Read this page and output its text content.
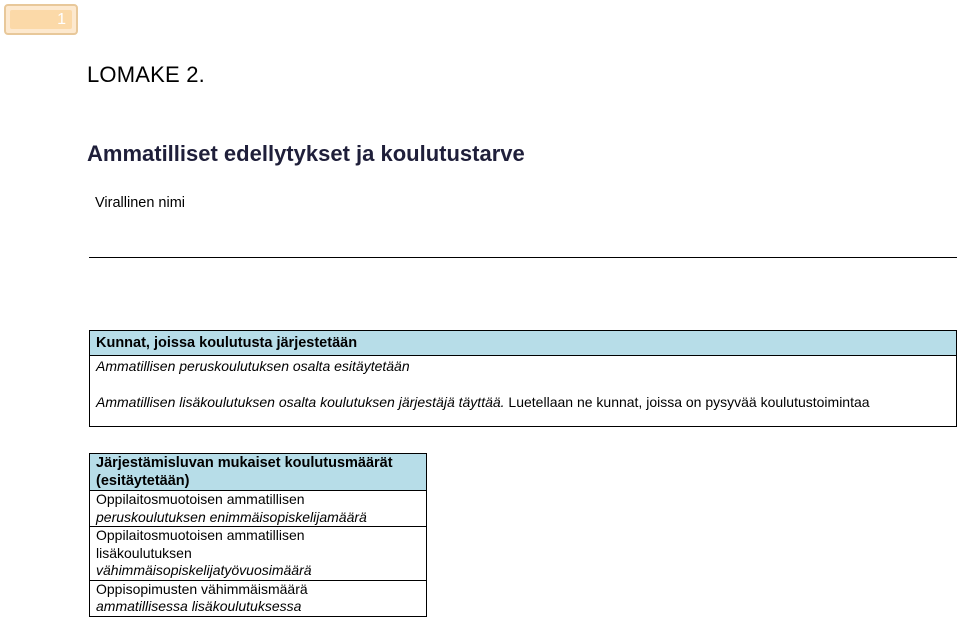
1
LOMAKE 2.
Ammatilliset edellytykset ja koulutustarve
Virallinen nimi
Kunnat, joissa koulutusta järjestetään
Ammatillisen peruskoulutuksen osalta esitäytetään
Ammatillisen lisäkoulutuksen osalta koulutuksen järjestäjä täyttää. Luetellaan ne kunnat, joissa on pysyvää koulutustoimintaa
Järjestämisluvan mukaiset koulutusmäärät
(esitäytetään)

Oppilaitosmuotoisen ammatillisen
peruskoulutuksen enimmäisopiskelijamäärä

Oppilaitosmuotoisen ammatillisen
lisäkoulutuksen
vähimmäisopiskelijatyövuosimäärä

Oppisopimusten vähimmäismäärä
ammatillisessa lisäkoulutuksessa
